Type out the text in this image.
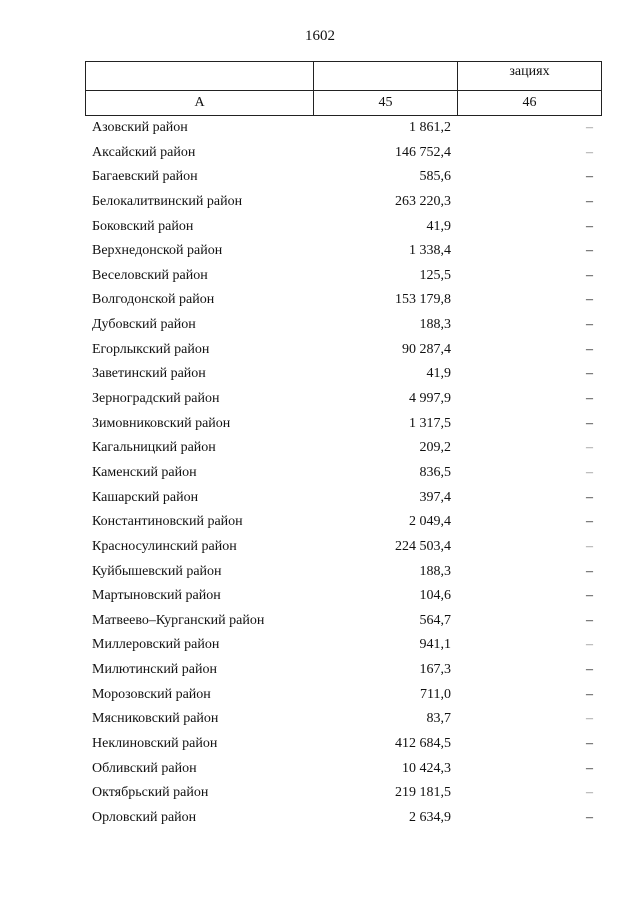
1602
		зациях
А	45	46
Азовский район	1 861,2	–
Аксайский район	146 752,4	–
Багаевский район	585,6	–
Белокалитвинский район	263 220,3	–
Боковский район	41,9	–
Верхнедонской район	1 338,4	–
Веселовский район	125,5	–
Волгодонской район	153 179,8	–
Дубовский район	188,3	–
Егорлыкский район	90 287,4	–
Заветинский район	41,9	–
Зерноградский район	4 997,9	–
Зимовниковский район	1 317,5	–
Кагальницкий район	209,2	–
Каменский район	836,5	–
Кашарский район	397,4	–
Константиновский район	2 049,4	–
Красносулинский район	224 503,4	–
Куйбышевский район	188,3	–
Мартыновский район	104,6	–
Матвеево–Курганский район	564,7	–
Миллеровский район	941,1	–
Милютинский район	167,3	–
Морозовский район	711,0	–
Мясниковский район	83,7	–
Неклиновский район	412 684,5	–
Обливский район	10 424,3	–
Октябрьский район	219 181,5	–
Орловский район	2 634,9	–
